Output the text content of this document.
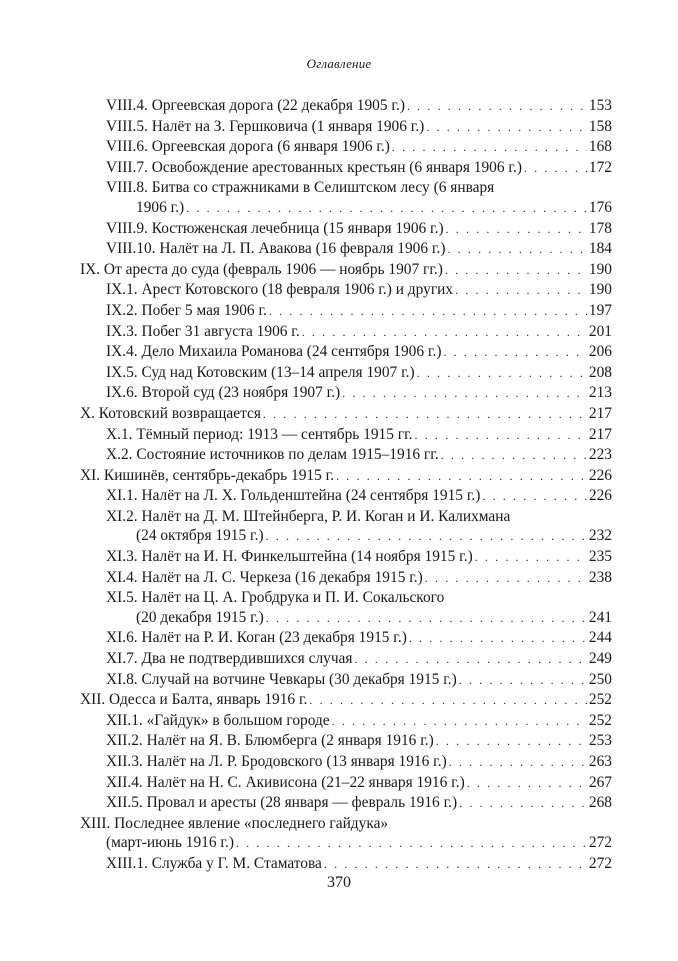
Оглавление
VIII.4. Оргеевская дорога (22 декабря 1905 г.) . . .	153
VIII.5. Налёт на З. Гершковича (1 января 1906 г.) . . .	158
VIII.6. Оргеевская дорога (6 января 1906 г.) . . .	168
VIII.7. Освобождение арестованных крестьян (6 января 1906 г.) . . .	172
VIII.8. Битва со стражниками в Селиштском лесу (6 января
1906 г.) . . .	176
VIII.9. Костюженская лечебница (15 января 1906 г.) . . .	178
VIII.10. Налёт на Л. П. Авакова (16 февраля 1906 г.) . . .	184
IX. От ареста до суда (февраль 1906 — ноябрь 1907 гг.) . . .	190
IX.1. Арест Котовского (18 февраля 1906 г.) и других . . .	190
IX.2. Побег 5 мая 1906 г. . . .	197
IX.3. Побег 31 августа 1906 г. . . .	201
IX.4. Дело Михаила Романова (24 сентября 1906 г.) . . .	206
IX.5. Суд над Котовским (13–14 апреля 1907 г.) . . .	208
IX.6. Второй суд (23 ноября 1907 г.) . . .	213
X. Котовский возвращается . . .	217
X.1. Тёмный период: 1913 — сентябрь 1915 гг. . . .	217
X.2. Состояние источников по делам 1915–1916 гг. . . .	223
XI. Кишинёв, сентябрь-декабрь 1915 г. . . .	226
XI.1. Налёт на Л. Х. Гольденштейна (24 сентября 1915 г.) . . .	226
XI.2. Налёт на Д. М. Штейнберга, Р. И. Коган и И. Калихмана
(24 октября 1915 г.) . . .	232
XI.3. Налёт на И. Н. Финкельштейна (14 ноября 1915 г.) . . .	235
XI.4. Налёт на Л. С. Черкеза (16 декабря 1915 г.) . . .	238
XI.5. Налёт на Ц. А. Гробдрука и П. И. Сокальского
(20 декабря 1915 г.) . . .	241
XI.6. Налёт на Р. И. Коган (23 декабря 1915 г.) . . .	244
XI.7. Два не подтвердившихся случая . . .	249
XI.8. Случай на вотчине Чевкары (30 декабря 1915 г.) . . .	250
XII. Одесса и Балта, январь 1916 г. . . .	252
XII.1. «Гайдук» в большом городе . . .	252
XII.2. Налёт на Я. В. Блюмберга (2 января 1916 г.) . . .	253
XII.3. Налёт на Л. Р. Бродовского (13 января 1916 г.) . . .	263
XII.4. Налёт на Н. С. Акивисона (21–22 января 1916 г.) . . .	267
XII.5. Провал и аресты (28 января — февраль 1916 г.) . . .	268
XIII. Последнее явление «последнего гайдука»
(март-июнь 1916 г.) . . .	272
XIII.1. Служба у Г. М. Стаматова . . .	272
370
